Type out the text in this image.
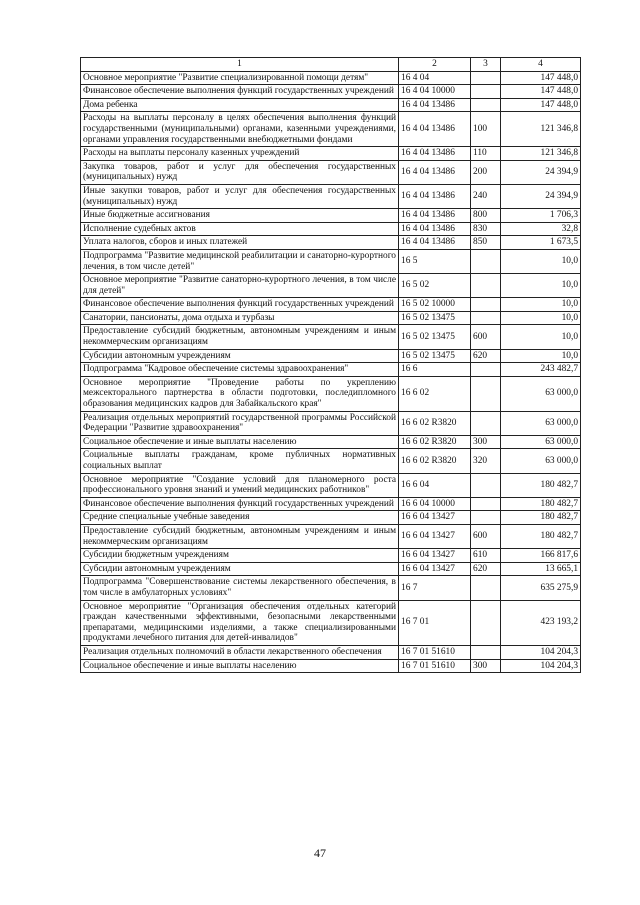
1	2	3	4
Основное мероприятие "Развитие специализированной помощи детям"	16 4 04		147 448,0
Финансовое обеспечение выполнения функций государственных учреждений	16 4 04 10000		147 448,0
Дома ребенка	16 4 04 13486		147 448,0
Расходы на выплаты персоналу в целях обеспечения выполнения функций государственными (муниципальными) органами, казенными учреждениями, органами управления государственными внебюджетными фондами	16 4 04 13486	100	121 346,8
Расходы на выплаты персоналу казенных учреждений	16 4 04 13486	110	121 346,8
Закупка товаров, работ и услуг для обеспечения государственных (муниципальных) нужд	16 4 04 13486	200	24 394,9
Иные закупки товаров, работ и услуг для обеспечения государственных (муниципальных) нужд	16 4 04 13486	240	24 394,9
Иные бюджетные ассигнования	16 4 04 13486	800	1 706,3
Исполнение судебных актов	16 4 04 13486	830	32,8
Уплата налогов, сборов и иных платежей	16 4 04 13486	850	1 673,5
Подпрограмма "Развитие медицинской реабилитации и санаторно-курортного лечения, в том числе детей"	16 5		10,0
Основное мероприятие "Развитие санаторно-курортного лечения, в том числе для детей"	16 5 02		10,0
Финансовое обеспечение выполнения функций государственных учреждений	16 5 02 10000		10,0
Санатории, пансионаты, дома отдыха и турбазы	16 5 02 13475		10,0
Предоставление субсидий бюджетным, автономным учреждениям и иным некоммерческим организациям	16 5 02 13475	600	10,0
Субсидии автономным учреждениям	16 5 02 13475	620	10,0
Подпрограмма "Кадровое обеспечение системы здравоохранения"	16 6		243 482,7
Основное мероприятие "Проведение работы по укреплению межсекторального партнерства в области подготовки, последипломного образования медицинских кадров для Забайкальского края"	16 6 02		63 000,0
Реализация отдельных мероприятий государственной программы Российской Федерации "Развитие здравоохранения"	16 6 02 R3820		63 000,0
Социальное обеспечение и иные выплаты населению	16 6 02 R3820	300	63 000,0
Социальные выплаты гражданам, кроме публичных нормативных социальных выплат	16 6 02 R3820	320	63 000,0
Основное мероприятие "Создание условий для планомерного роста профессионального уровня знаний и умений медицинских работников"	16 6 04		180 482,7
Финансовое обеспечение выполнения функций государственных учреждений	16 6 04 10000		180 482,7
Средние специальные учебные заведения	16 6 04 13427		180 482,7
Предоставление субсидий бюджетным, автономным учреждениям и иным некоммерческим организациям	16 6 04 13427	600	180 482,7
Субсидии бюджетным учреждениям	16 6 04 13427	610	166 817,6
Субсидии автономным учреждениям	16 6 04 13427	620	13 665,1
Подпрограмма "Совершенствование системы лекарственного обеспечения, в том числе в амбулаторных условиях"	16 7		635 275,9
Основное мероприятие "Организация обеспечения отдельных категорий граждан качественными эффективными, безопасными лекарственными препаратами, медицинскими изделиями, а также специализированными продуктами лечебного питания для детей-инвалидов"	16 7 01		423 193,2
Реализация отдельных полномочий в области лекарственного обеспечения	16 7 01 51610		104 204,3
Социальное обеспечение и иные выплаты населению	16 7 01 51610	300	104 204,3
47
